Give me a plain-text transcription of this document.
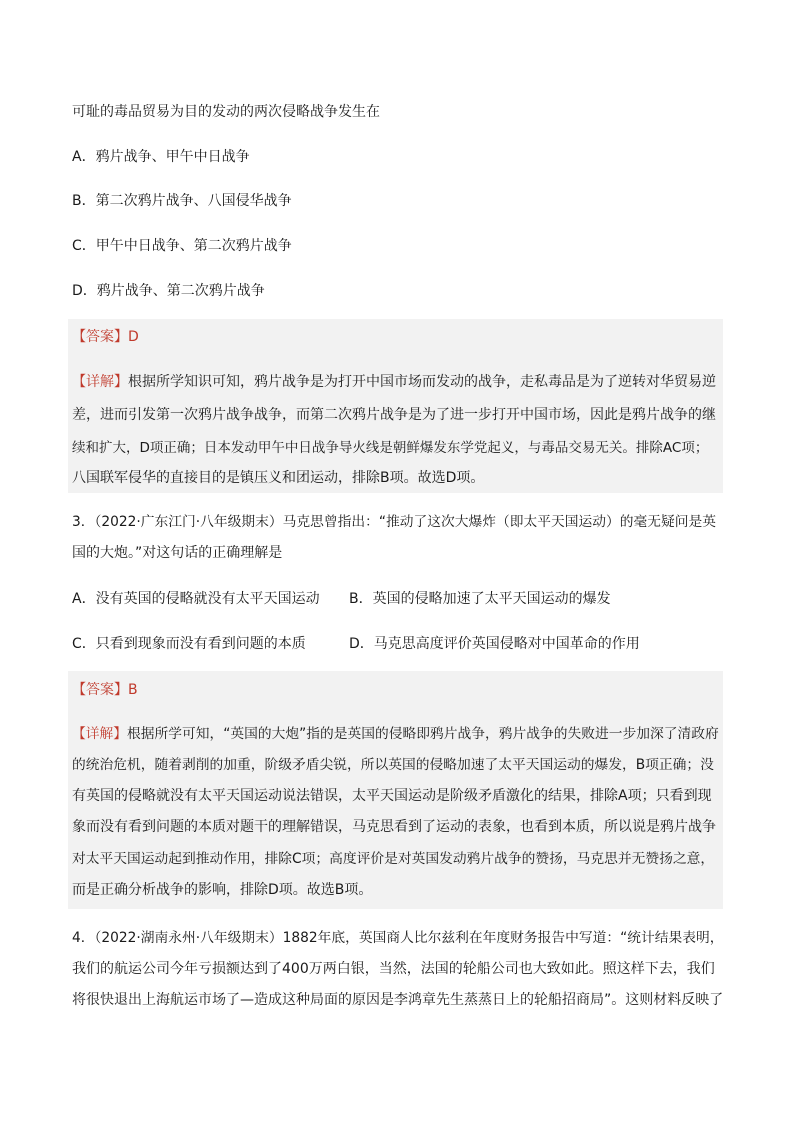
可耻的毒品贸易为目的发动的两次侵略战争发生在
A．鸦片战争、甲午中日战争
B．第二次鸦片战争、八国侵华战争
C．甲午中日战争、第二次鸦片战争
D．鸦片战争、第二次鸦片战争
【答案】D
【详解】根据所学知识可知，鸦片战争是为打开中国市场而发动的战争，走私毒品是为了逆转对华贸易逆
差，进而引发第一次鸦片战争战争，而第二次鸦片战争是为了进一步打开中国市场，因此是鸦片战争的继
续和扩大，D项正确；日本发动甲午中日战争导火线是朝鲜爆发东学党起义，与毒品交易无关。排除AC项；
八国联军侵华的直接目的是镇压义和团运动，排除B项。故选D项。
3．（2022·广东江门·八年级期末）马克思曾指出：“推动了这次大爆炸（即太平天国运动）的毫无疑问是英
国的大炮。”对这句话的正确理解是
A．没有英国的侵略就没有太平天国运动 B．英国的侵略加速了太平天国运动的爆发
C．只看到现象而没有看到问题的本质	D．马克思高度评价英国侵略对中国革命的作用
【答案】B
【详解】根据所学可知，“英国的大炮”指的是英国的侵略即鸦片战争，鸦片战争的失败进一步加深了清政府
的统治危机，随着剥削的加重，阶级矛盾尖锐，所以英国的侵略加速了太平天国运动的爆发，B项正确；没
有英国的侵略就没有太平天国运动说法错误，太平天国运动是阶级矛盾激化的结果，排除A项；只看到现
象而没有看到问题的本质对题干的理解错误，马克思看到了运动的表象，也看到本质，所以说是鸦片战争
对太平天国运动起到推动作用，排除C项；高度评价是对英国发动鸦片战争的赞扬，马克思并无赞扬之意，
而是正确分析战争的影响，排除D项。故选B项。
4．（2022·湖南永州·八年级期末）1882年底，英国商人比尔兹利在年度财务报告中写道：“统计结果表明，
我们的航运公司今年亏损额达到了400万两白银，当然，法国的轮船公司也大致如此。照这样下去，我们
将很快退出上海航运市场了—造成这种局面的原因是李鸿章先生蒸蒸日上的轮船招商局”。这则材料反映了
